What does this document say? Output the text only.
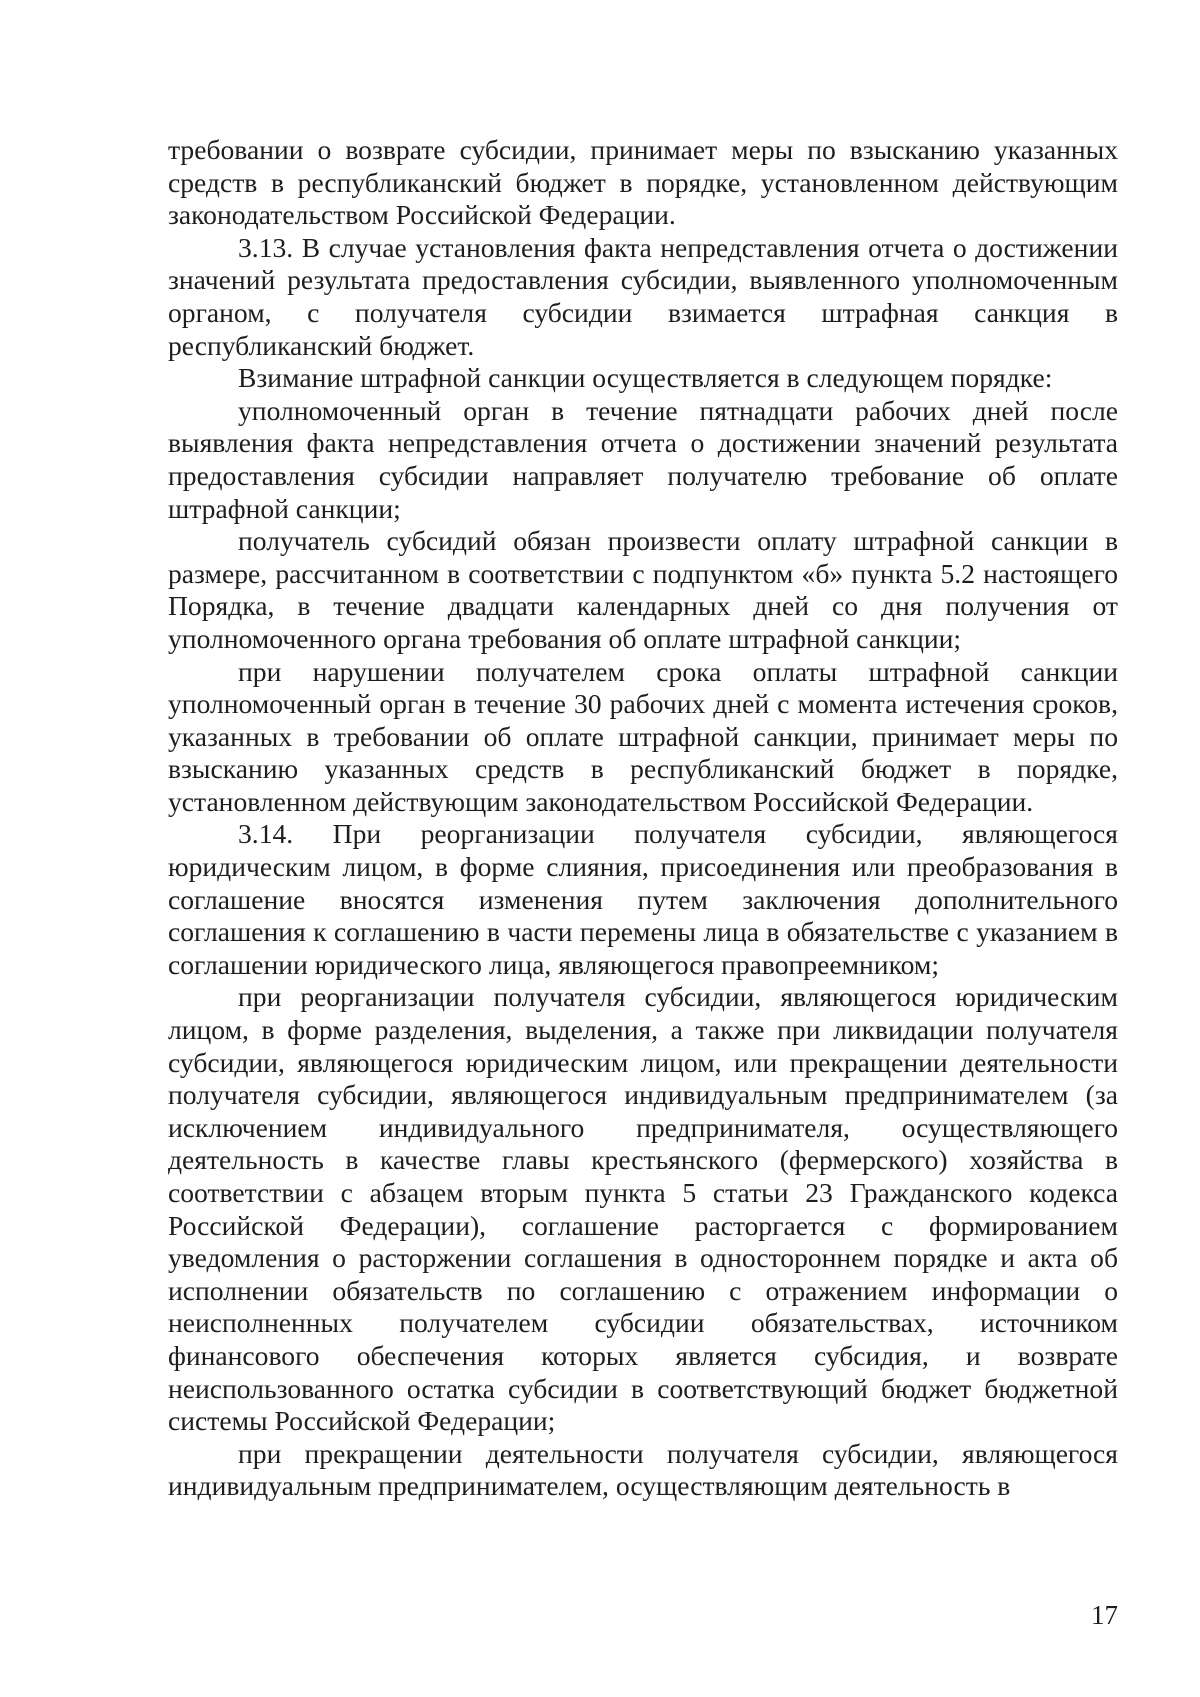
требовании о возврате субсидии, принимает меры по взысканию указанных средств в республиканский бюджет в порядке, установленном действующим законодательством Российской Федерации.

3.13. В случае установления факта непредставления отчета о достижении значений результата предоставления субсидии, выявленного уполномоченным органом, с получателя субсидии взимается штрафная санкция в республиканский бюджет.

Взимание штрафной санкции осуществляется в следующем порядке:

уполномоченный орган в течение пятнадцати рабочих дней после выявления факта непредставления отчета о достижении значений результата предоставления субсидии направляет получателю требование об оплате штрафной санкции;

получатель субсидий обязан произвести оплату штрафной санкции в размере, рассчитанном в соответствии с подпунктом «б» пункта 5.2 настоящего Порядка, в течение двадцати календарных дней со дня получения от уполномоченного органа требования об оплате штрафной санкции;

при нарушении получателем срока оплаты штрафной санкции уполномоченный орган в течение 30 рабочих дней с момента истечения сроков, указанных в требовании об оплате штрафной санкции, принимает меры по взысканию указанных средств в республиканский бюджет в порядке, установленном действующим законодательством Российской Федерации.

3.14. При реорганизации получателя субсидии, являющегося юридическим лицом, в форме слияния, присоединения или преобразования в соглашение вносятся изменения путем заключения дополнительного соглашения к соглашению в части перемены лица в обязательстве с указанием в соглашении юридического лица, являющегося правопреемником;

при реорганизации получателя субсидии, являющегося юридическим лицом, в форме разделения, выделения, а также при ликвидации получателя субсидии, являющегося юридическим лицом, или прекращении деятельности получателя субсидии, являющегося индивидуальным предпринимателем (за исключением индивидуального предпринимателя, осуществляющего деятельность в качестве главы крестьянского (фермерского) хозяйства в соответствии с абзацем вторым пункта 5 статьи 23 Гражданского кодекса Российской Федерации), соглашение расторгается с формированием уведомления о расторжении соглашения в одностороннем порядке и акта об исполнении обязательств по соглашению с отражением информации о неисполненных получателем субсидии обязательствах, источником финансового обеспечения которых является субсидия, и возврате неиспользованного остатка субсидии в соответствующий бюджет бюджетной системы Российской Федерации;

при прекращении деятельности получателя субсидии, являющегося индивидуальным предпринимателем, осуществляющим деятельность в

17
